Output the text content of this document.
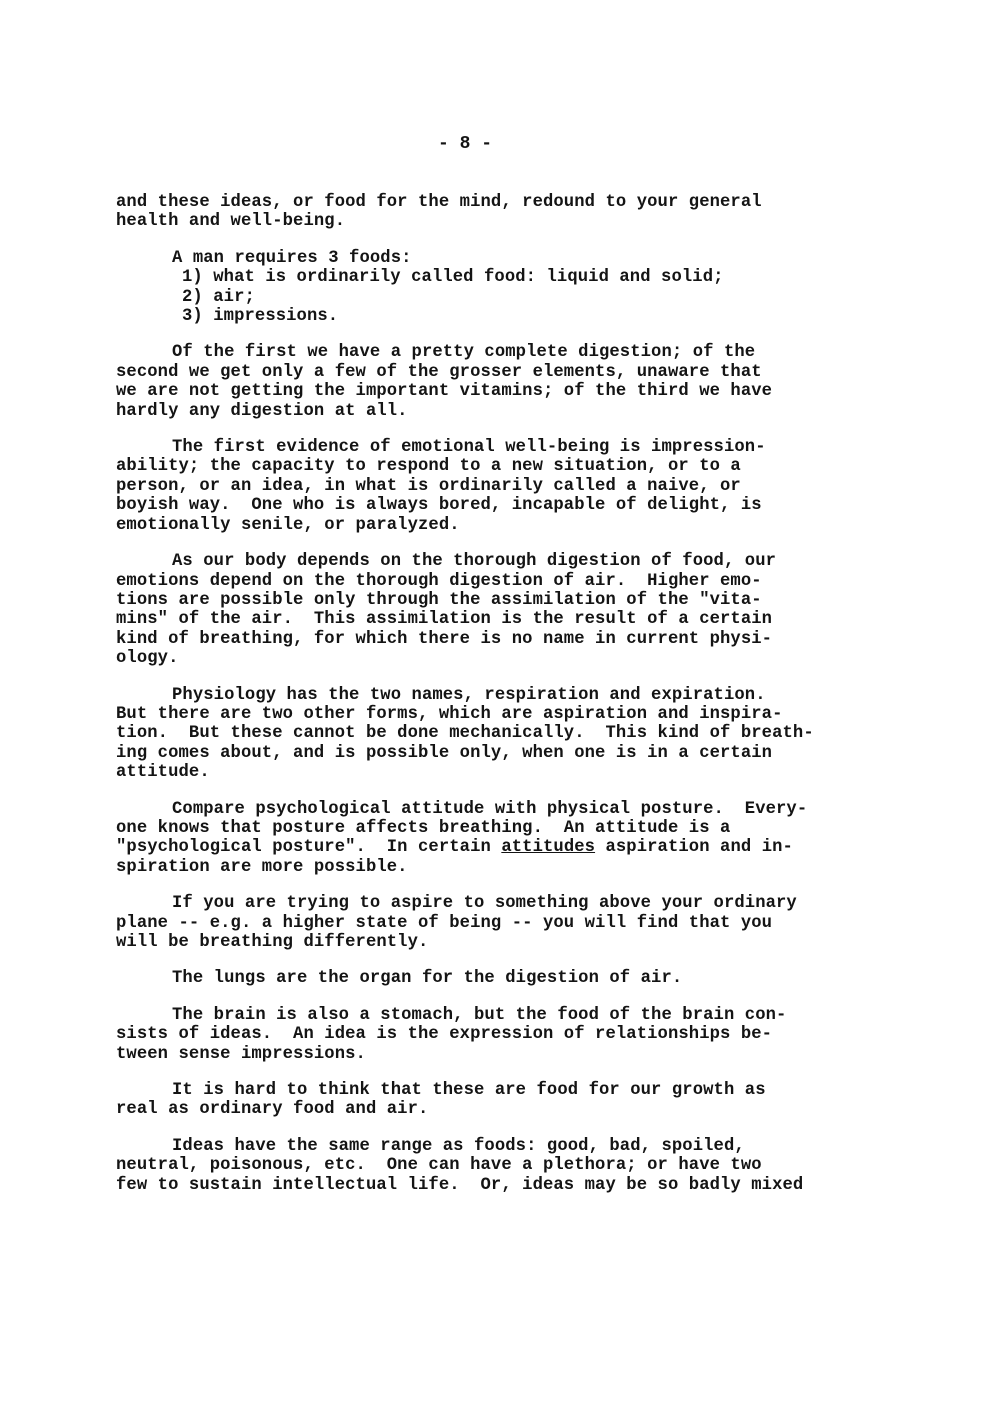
- 8 -
and these ideas, or food for the mind, redound to your general
health and well-being.
A man requires 3 foods:
1) what is ordinarily called food: liquid and solid;
2) air;
3) impressions.
Of the first we have a pretty complete digestion; of the
second we get only a few of the grosser elements, unaware that
we are not getting the important vitamins; of the third we have
hardly any digestion at all.
The first evidence of emotional well-being is impression-
ability; the capacity to respond to a new situation, or to a
person, or an idea, in what is ordinarily called a naive, or
boyish way.  One who is always bored, incapable of delight, is
emotionally senile, or paralyzed.
As our body depends on the thorough digestion of food, our
emotions depend on the thorough digestion of air.  Higher emo-
tions are possible only through the assimilation of the "vita-
mins" of the air.  This assimilation is the result of a certain
kind of breathing, for which there is no name in current physi-
ology.
Physiology has the two names, respiration and expiration.
But there are two other forms, which are aspiration and inspira-
tion.  But these cannot be done mechanically.  This kind of breath-
ing comes about, and is possible only, when one is in a certain
attitude.
Compare psychological attitude with physical posture.  Every-
one knows that posture affects breathing.  An attitude is a
"psychological posture".  In certain attitudes aspiration and in-
spiration are more possible.
If you are trying to aspire to something above your ordinary
plane -- e.g. a higher state of being -- you will find that you
will be breathing differently.
The lungs are the organ for the digestion of air.
The brain is also a stomach, but the food of the brain con-
sists of ideas.  An idea is the expression of relationships be-
tween sense impressions.
It is hard to think that these are food for our growth as
real as ordinary food and air.
Ideas have the same range as foods: good, bad, spoiled,
neutral, poisonous, etc.  One can have a plethora; or have two
few to sustain intellectual life.  Or, ideas may be so badly mixed
